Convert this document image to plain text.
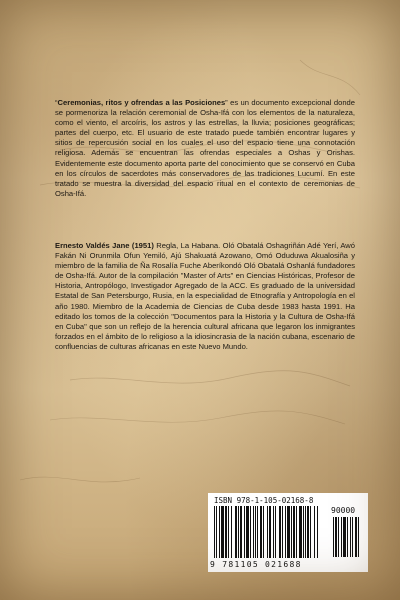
“Ceremonias, ritos y ofrendas a las Posiciones” es un documento excepcional donde se pormenoriza la relación ceremonial de Osha-Ifá con los elementos de la naturaleza, como el viento, el arcoíris, los astros y las estrellas, la lluvia; posiciones geográficas; partes del cuerpo, etc. El usuario de este tratado puede también encontrar lugares y sitios de repercusión social en los cuales el uso del espacio tiene una connotación religiosa. Además se encuentran las ofrendas especiales a Oshas y Orishas. Evidentemente este documento aporta parte del conocimiento que se conservó en Cuba en los círculos de sacerdotes más conservadores de las tradiciones Lucumí. En este tratado se muestra la diversidad del espacio ritual en el contexto de ceremonias de Osha-Ifá.
Ernesto Valdés Jane (1951) Regla, La Habana. Oló Obatalá Oshagriñán Adé Yerí, Awó Fakán Ni Orunmila Ofun Yemiló, Ajú Shakuatá Azowano, Omó Oduduwa Akualosiña y miembro de la familia de Ña Rosalía Fuche Aberíkondó Oló Obatalá Oshanlá fundadores de Osha-Ifá. Autor de la compilación "Master of Arts" en Ciencias Históricas, Profesor de Historia, Antropólogo, Investigador Agregado de la ACC. Es graduado de la universidad Estatal de San Petersburgo, Rusia, en la especialidad de Etnografía y Antropología en el año 1980. Miembro de la Academia de Ciencias de Cuba desde 1983 hasta 1991. Ha editado los tomos de la colección "Documentos para la Historia y la Cultura de Osha-Ifá en Cuba" que son un reflejo de la herencia cultural africana que legaron los inmigrantes forzados en el ámbito de lo religioso a la idiosincrasia de la nación cubana, escenario de confluencias de culturas africanas en este Nuevo Mundo.
ISBN 978-1-105-02168-8
90000
9 781105 021688
